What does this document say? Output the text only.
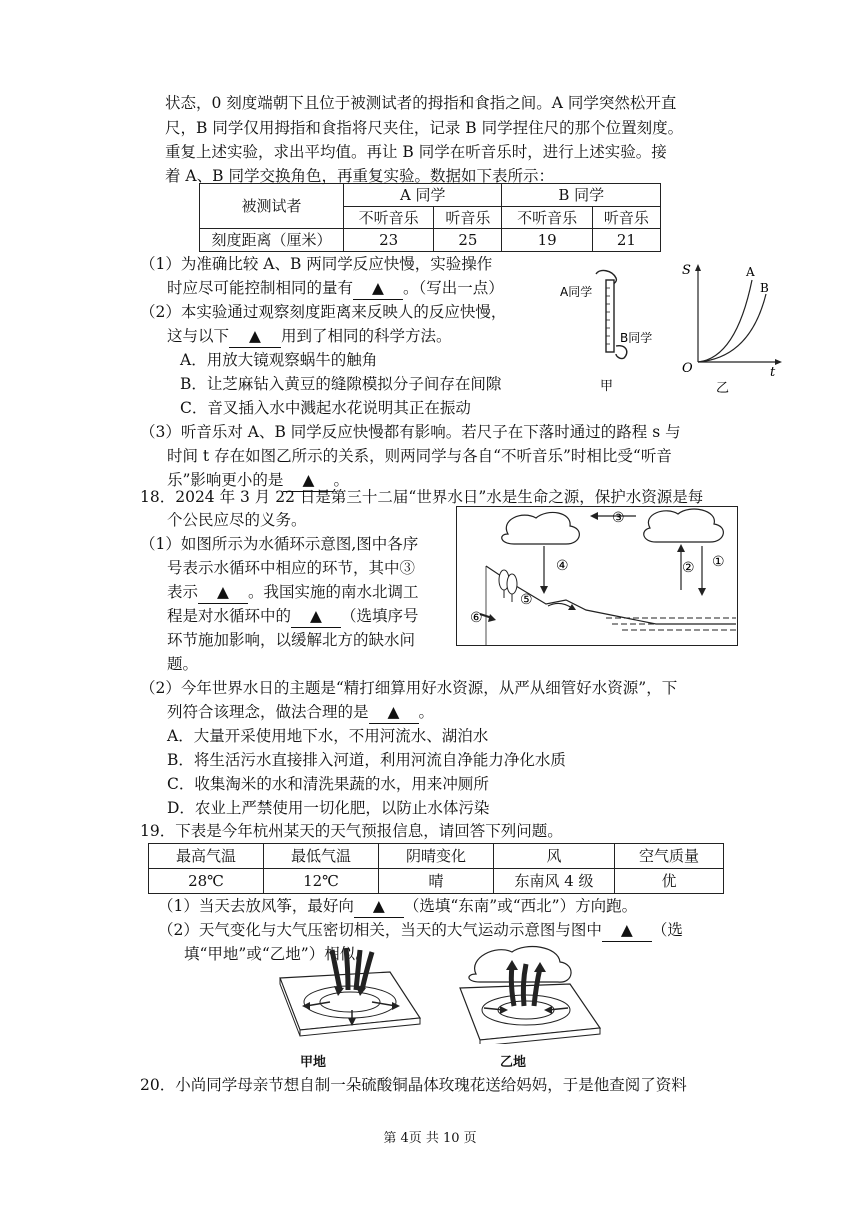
状态，0 刻度端朝下且位于被测试者的拇指和食指之间。A 同学突然松开直
尺，B 同学仅用拇指和食指将尺夹住，记录 B 同学捏住尺的那个位置刻度。
重复上述实验，求出平均值。再让 B 同学在听音乐时，进行上述实验。接
着 A、B 同学交换角色，再重复实验。数据如下表所示：
被测试者	A 同学		B 同学	
	不听音乐	听音乐	不听音乐	听音乐
刻度距离（厘米）	23	25	19	21
（1）为准确比较 A、B 两同学反应快慢，实验操作
时应尽可能控制相同的量有 ▲ 。（写出一点）
（2）本实验通过观察刻度距离来反映人的反应快慢，
这与以下 ▲ 用到了相同的科学方法。
A．用放大镜观察蜗牛的触角
B．让芝麻钻入黄豆的缝隙模拟分子间存在间隙
C．音叉插入水中溅起水花说明其正在振动
（3）听音乐对 A、B 同学反应快慢都有影响。若尺子在下落时通过的路程 s 与
时间 t 存在如图乙所示的关系，则两同学与各自“不听音乐”时相比受“听音
乐”影响更小的是 ▲ 。
A同学
B同学
甲
S
t
O
A
B
乙
18．2024 年 3 月 22 日是第三十二届“世界水日”水是生命之源，保护水资源是每
个公民应尽的义务。
（1）如图所示为水循环示意图,图中各序
号表示水循环中相应的环节，其中③
表示 ▲ 。我国实施的南水北调工
程是对水循环中的 ▲ （选填序号
环节施加影响，以缓解北方的缺水问
题。
③
④	② ①
⑤
⑥
（2）今年世界水日的主题是“精打细算用好水资源，从严从细管好水资源”，下
列符合该理念，做法合理的是 ▲ 。
A．大量开采使用地下水，不用河流水、湖泊水
B．将生活污水直接排入河道，利用河流自净能力净化水质
C．收集淘米的水和清洗果蔬的水，用来冲厕所
D．农业上严禁使用一切化肥，以防止水体污染
19．下表是今年杭州某天的天气预报信息，请回答下列问题。
最高气温	最低气温	阴晴变化	风	空气质量
28℃	12℃	晴	东南风 4 级	优
（1）当天去放风筝，最好向 ▲ （选填“东南”或“西北”）方向跑。
（2）天气变化与大气压密切相关，当天的大气运动示意图与图中 ▲ （选
填“甲地”或“乙地”）相似。
甲地	乙地
20．小尚同学母亲节想自制一朵硫酸铜晶体玫瑰花送给妈妈，于是他查阅了资料
第 4页 共 10 页
